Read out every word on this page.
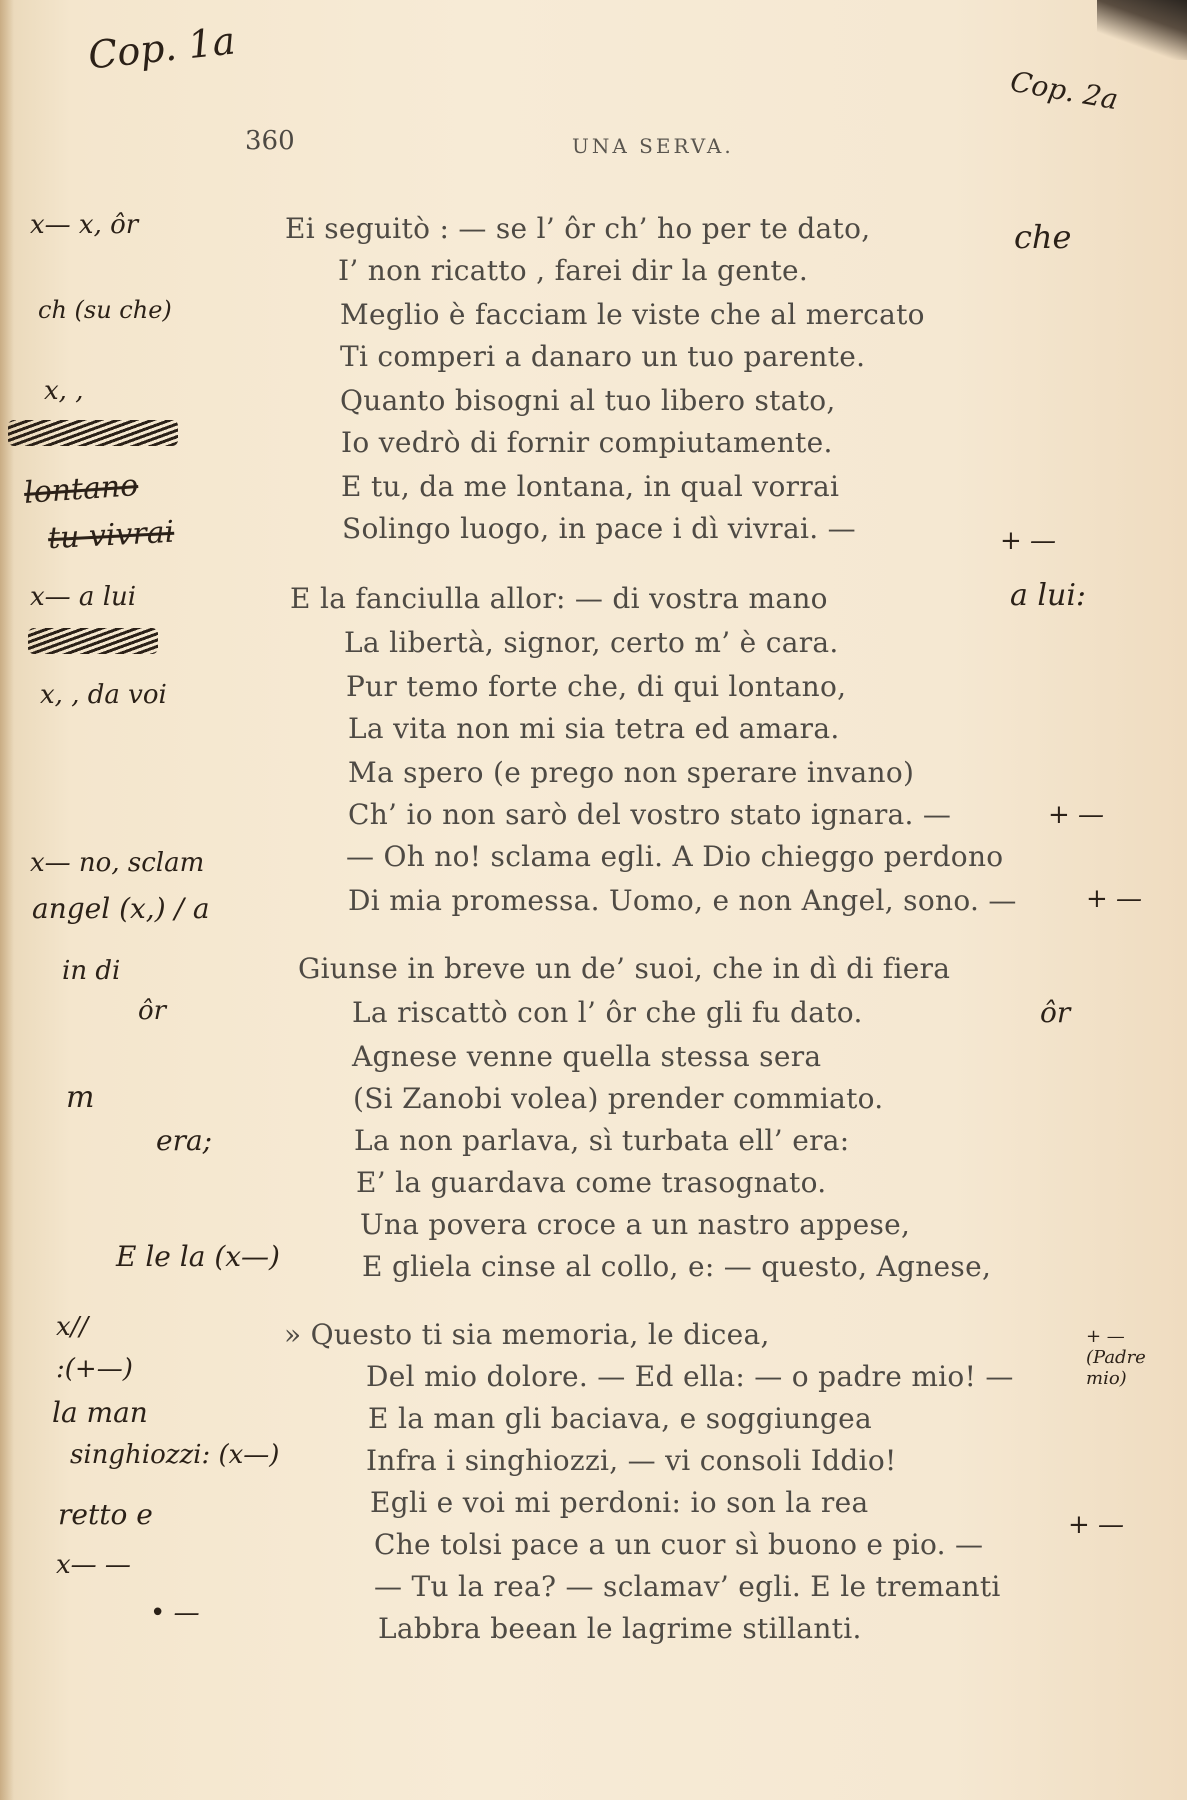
360	UNA SERVA.
Ei seguitò : — se l’ ôr ch’ ho per te dato,
I’ non ricatto , farei dir la gente.
Meglio è facciam le viste che al mercato
Ti comperi a danaro un tuo parente.
Quanto bisogni al tuo libero stato,
Io vedrò di fornir compiutamente.
E tu, da me lontana, in qual vorrai
Solingo luogo, in pace i dì vivrai. —
E la fanciulla allor: — di vostra mano
La libertà, signor, certo m’ è cara.
Pur temo forte che, di qui lontano,
La vita non mi sia tetra ed amara.
Ma spero (e prego non sperare invano)
Ch’ io non sarò del vostro stato ignara. —
— Oh no! sclama egli. A Dio chieggo perdono
Di mia promessa. Uomo, e non Angel, sono. —
Giunse in breve un de’ suoi, che in dì di fiera
La riscattò con l’ ôr che gli fu dato.
Agnese venne quella stessa sera
(Si Zanobi volea) prender commiato.
La non parlava, sì turbata ell’ era:
E’ la guardava come trasognato.
Una povera croce a un nastro appese,
E gliela cinse al collo, e: — questo, Agnese,
» Questo ti sia memoria, le dicea,
Del mio dolore. — Ed ella: — o padre mio! —
E la man gli baciava, e soggiungea
Infra i singhiozzi, — vi consoli Iddio!
Egli e voi mi perdoni: io son la rea
Che tolsi pace a un cuor sì buono e pio. —
— Tu la rea? — sclamav’ egli. E le tremanti
Labbra beean le lagrime stillanti.
Cop. 1a
Cop. 2a
x— x, ôr	che
ch (su che)
x, ,
lontano
tu vivrai	+ —
x— a lui	a lui:
x, , da voi
+ —
x— no, sclam
angel (x,) / a	+ —
in di
ôr	ôr
m
era;
E le la (x—)
x//
:(+—)
+ — (Padre mio)
la man
singhiozzi: (x—)
retto e	+ —
x— —
• —
